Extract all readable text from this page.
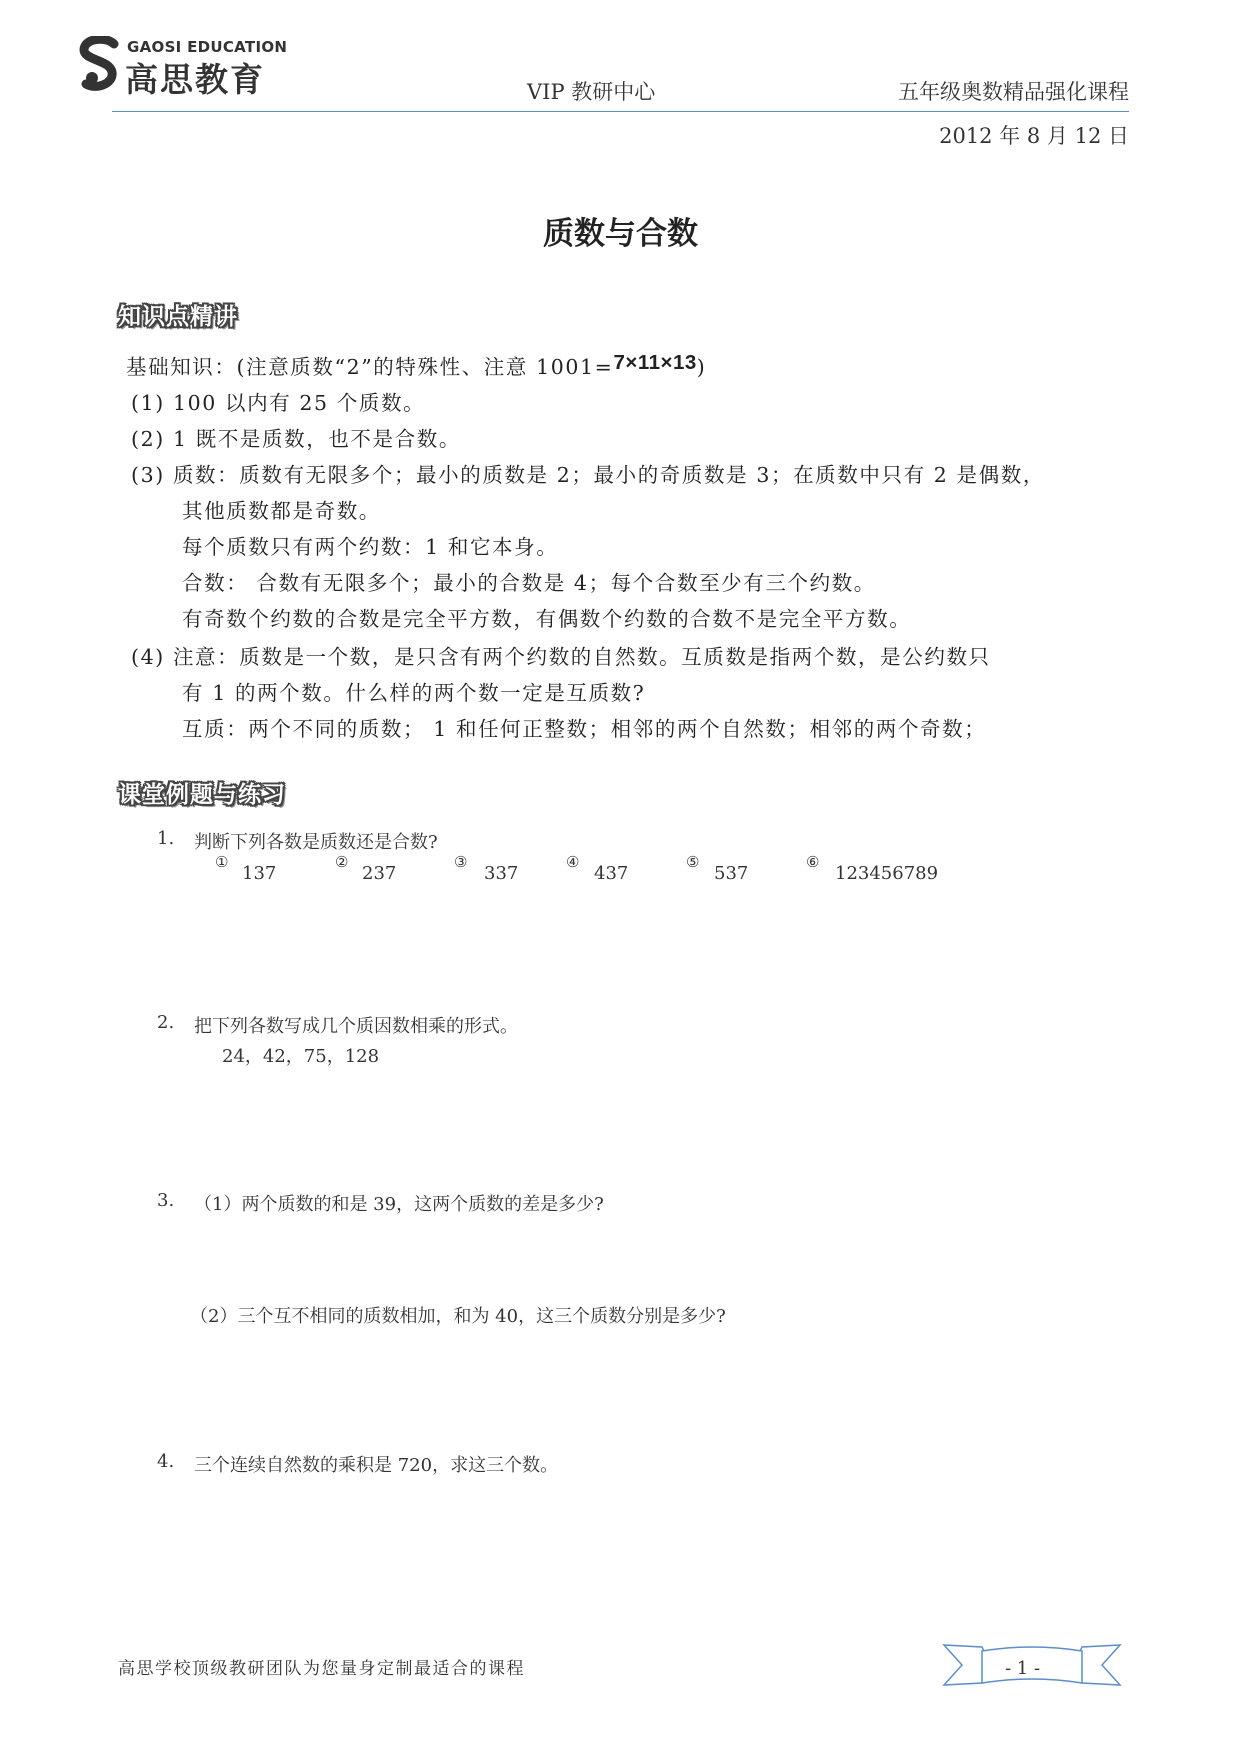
GAOSI EDUCATION
高思教育	VIP 教研中心	五年级奥数精品强化课程
2012 年 8 月 12 日
质数与合数
知识点精讲
基础知识：(注意质数“2”的特殊性、注意 1001=7×11×13)
(1) 100 以内有 25 个质数。
(2) 1 既不是质数，也不是合数。
(3) 质数：质数有无限多个；最小的质数是 2；最小的奇质数是 3；在质数中只有 2 是偶数，
其他质数都是奇数。
每个质数只有两个约数：1 和它本身。
合数： 合数有无限多个；最小的合数是 4；每个合数至少有三个约数。
有奇数个约数的合数是完全平方数，有偶数个约数的合数不是完全平方数。
(4) 注意：质数是一个数，是只含有两个约数的自然数。互质数是指两个数，是公约数只
有 1 的两个数。什么样的两个数一定是互质数?
互质：两个不同的质数； 1 和任何正整数；相邻的两个自然数；相邻的两个奇数；
课堂例题与练习
1. 判断下列各数是质数还是合数?
①
137
②
237
③
337
④
437
⑤
537
⑥
123456789
2. 把下列各数写成几个质因数相乘的形式。
24，42，75，128
3. （1）两个质数的和是 39，这两个质数的差是多少?
（2）三个互不相同的质数相加，和为 40，这三个质数分别是多少?
4. 三个连续自然数的乘积是 720，求这三个数。
高思学校顶级教研团队为您量身定制最适合的课程	- 1 -
